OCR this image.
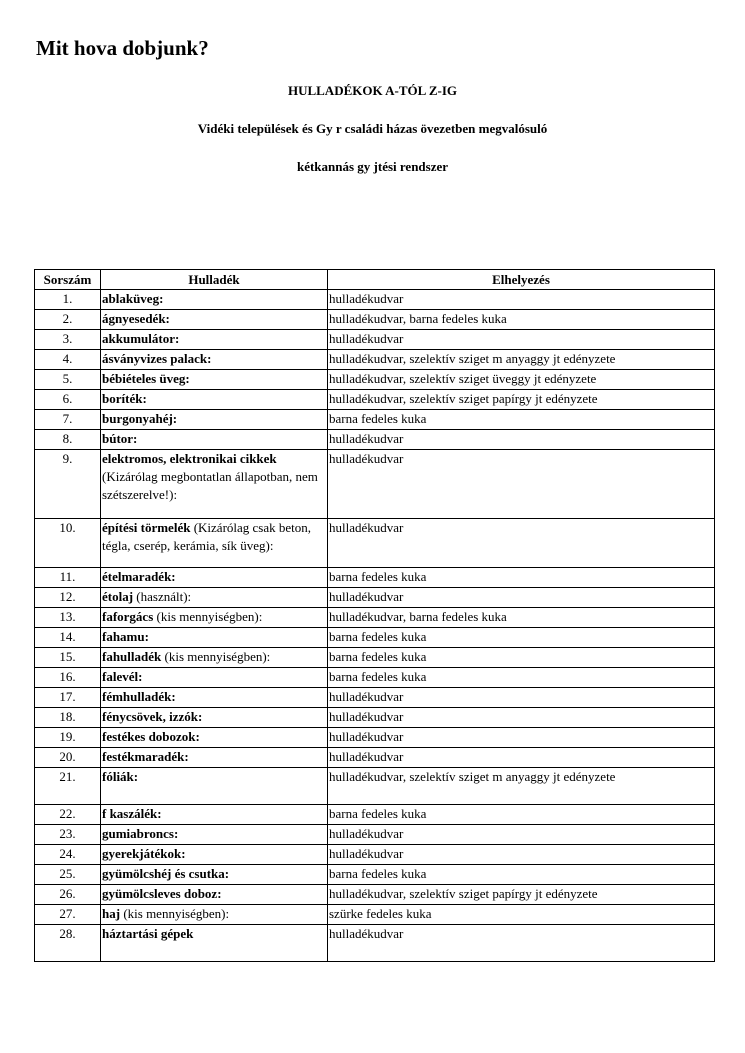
Mit hova dobjunk?

HULLADÉKOK A-TÓL Z-IG

Vidéki települések és Gy r családi házas övezetben megvalósuló

kétkannás gy jtési rendszer

Sorszám	Hulladék	Elhelyezés
1.	ablaküveg:	hulladékudvar
2.	ágnyesedék:	hulladékudvar, barna fedeles kuka
3.	akkumulátor:	hulladékudvar
4.	ásványvizes palack:	hulladékudvar, szelektív sziget m anyaggy jt edényzete
5.	bébiételes üveg:	hulladékudvar, szelektív sziget üveggy jt edényzete
6.	boríték:	hulladékudvar, szelektív sziget papírgy jt edényzete
7.	burgonyahéj:	barna fedeles kuka
8.	bútor:	hulladékudvar
9.	elektromos, elektronikai cikkek (Kizárólag megbontatlan állapotban, nem szétszerelve!):	hulladékudvar
10.	építési törmelék (Kizárólag csak beton, tégla, cserép, kerámia, sík üveg):	hulladékudvar
11.	ételmaradék:	barna fedeles kuka
12.	étolaj (használt):	hulladékudvar
13.	faforgács (kis mennyiségben):	hulladékudvar, barna fedeles kuka
14.	fahamu:	barna fedeles kuka
15.	fahulladék (kis mennyiségben):	barna fedeles kuka
16.	falevél:	barna fedeles kuka
17.	fémhulladék:	hulladékudvar
18.	fénycsövek, izzók:	hulladékudvar
19.	festékes dobozok:	hulladékudvar
20.	festékmaradék:	hulladékudvar
21.	fóliák:	hulladékudvar, szelektív sziget m anyaggy jt edényzete
22.	f kaszálék:	barna fedeles kuka
23.	gumiabroncs:	hulladékudvar
24.	gyerekjátékok:	hulladékudvar
25.	gyümölcshéj és csutka:	barna fedeles kuka
26.	gyümölcsleves doboz:	hulladékudvar, szelektív sziget papírgy jt edényzete
27.	haj (kis mennyiségben):	szürke fedeles kuka
28.	háztartási gépek	hulladékudvar
